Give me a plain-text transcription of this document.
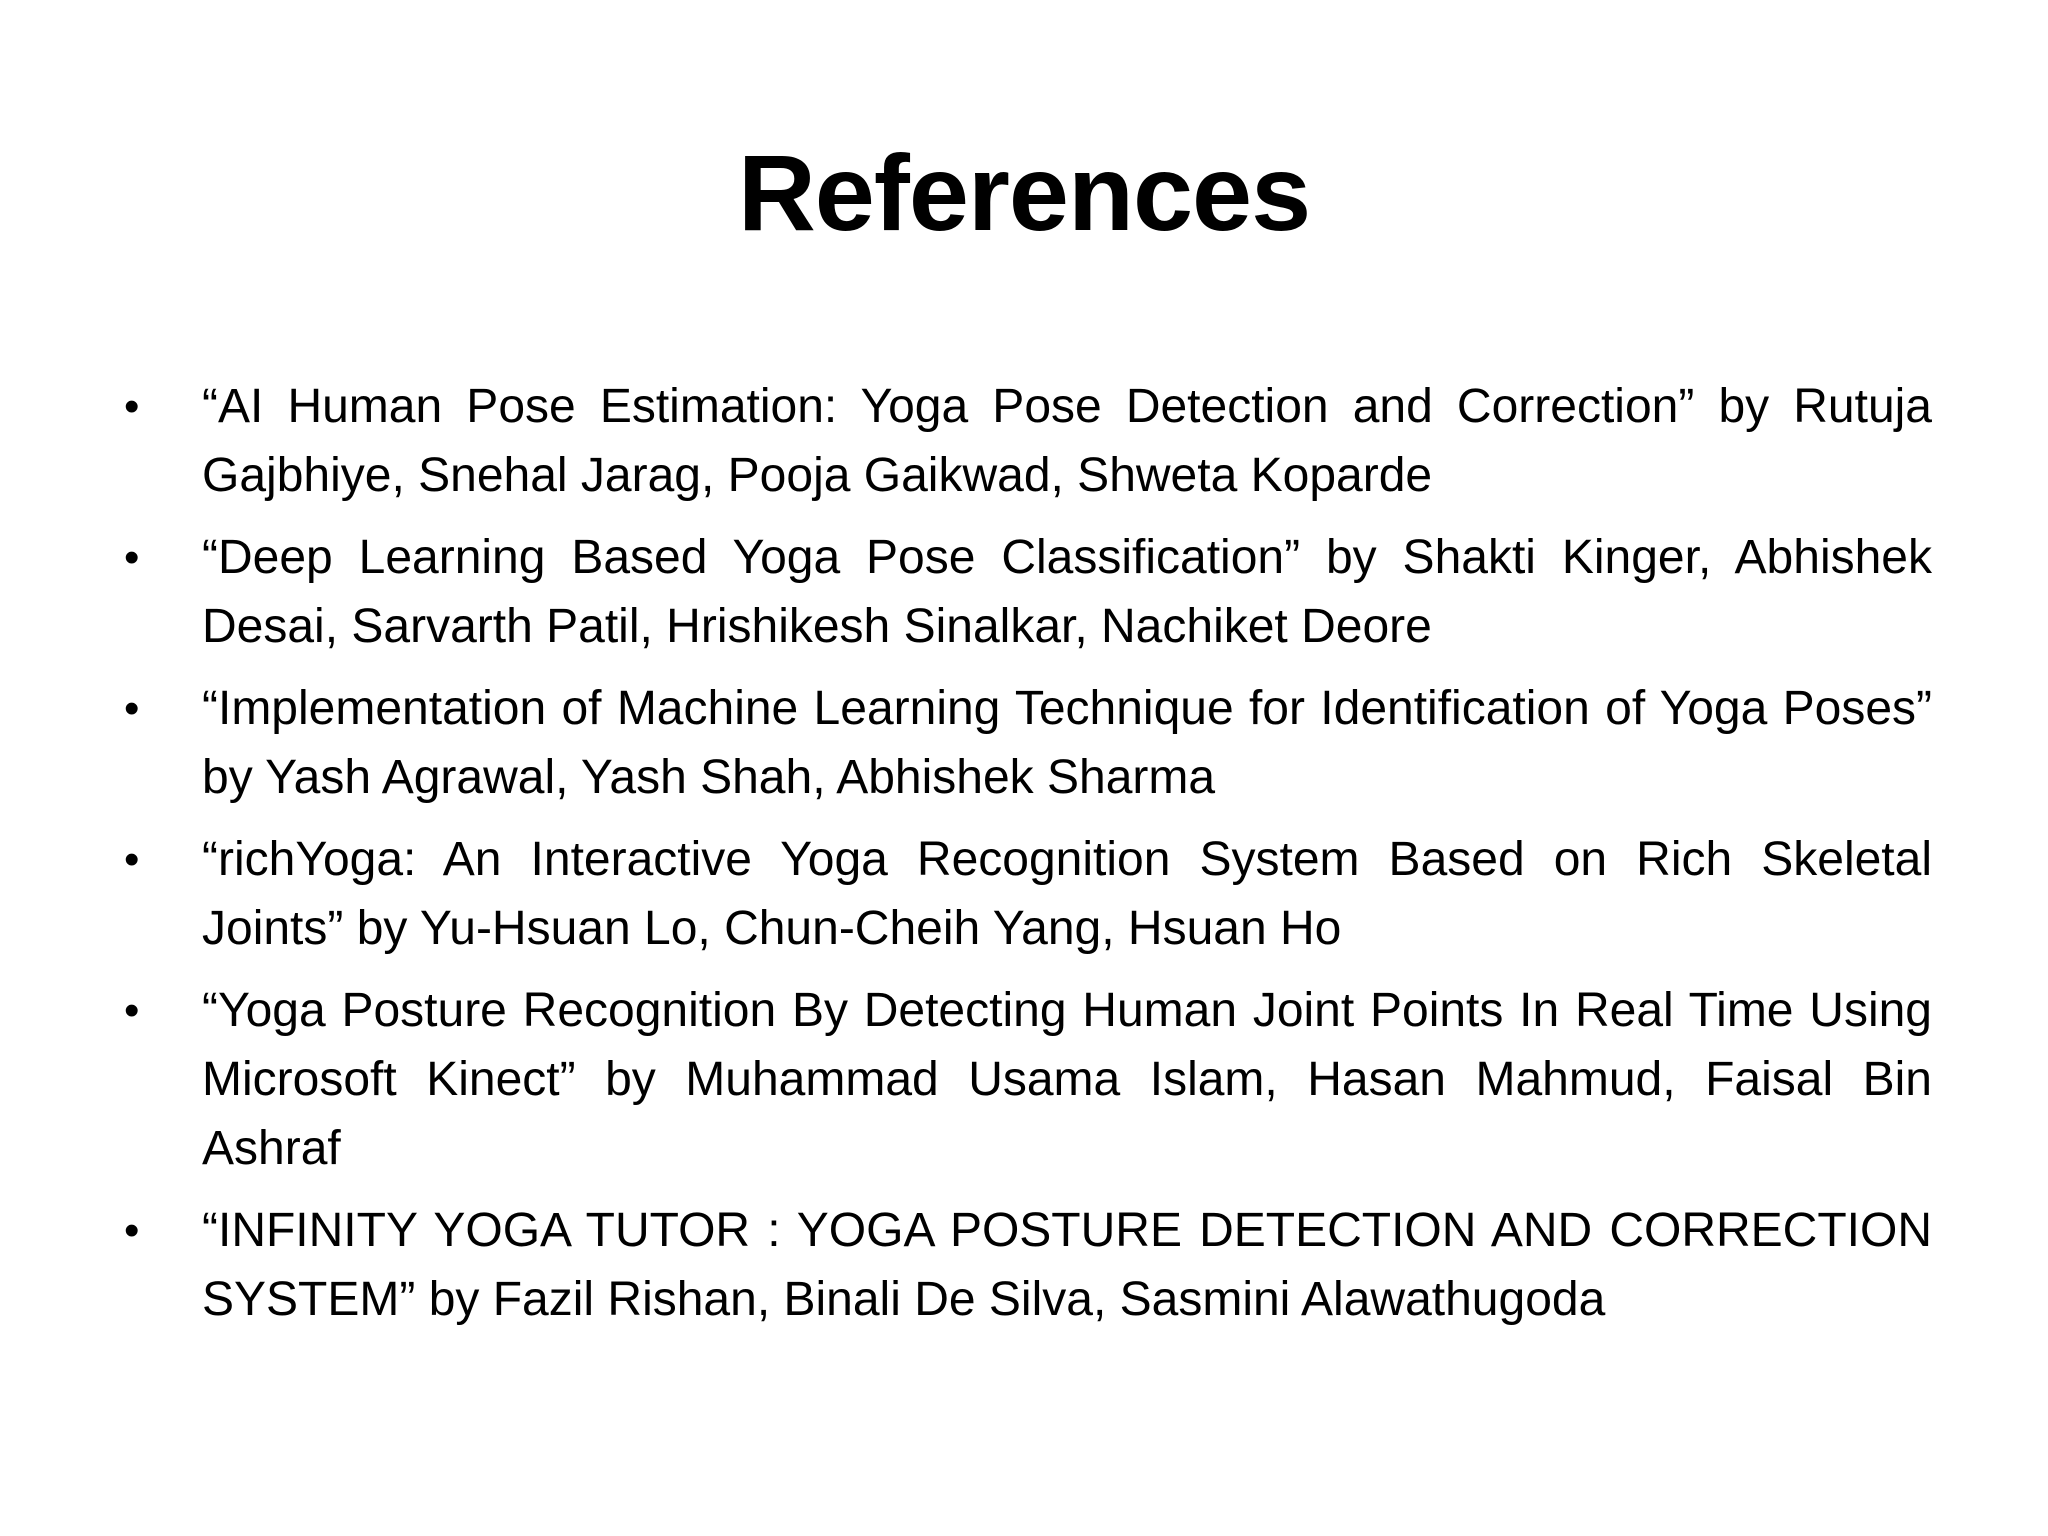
References
•	“AI Human Pose Estimation: Yoga Pose Detection and Correction” by Rutuja Gajbhiye, Snehal Jarag, Pooja Gaikwad, Shweta Koparde
•	“Deep Learning Based Yoga Pose Classification” by Shakti Kinger, Abhishek Desai, Sarvarth Patil, Hrishikesh Sinalkar, Nachiket Deore
•	“Implementation of Machine Learning Technique for Identification of Yoga Poses” by Yash Agrawal, Yash Shah, Abhishek Sharma
•	“richYoga: An Interactive Yoga Recognition System Based on Rich Skeletal Joints” by Yu-Hsuan Lo, Chun-Cheih Yang, Hsuan Ho
•	“Yoga Posture Recognition By Detecting Human Joint Points In Real Time Using Microsoft Kinect” by Muhammad Usama Islam, Hasan Mahmud, Faisal Bin Ashraf
•	“INFINITY YOGA TUTOR : YOGA POSTURE DETECTION AND CORRECTION SYSTEM” by Fazil Rishan, Binali De Silva, Sasmini Alawathugoda
